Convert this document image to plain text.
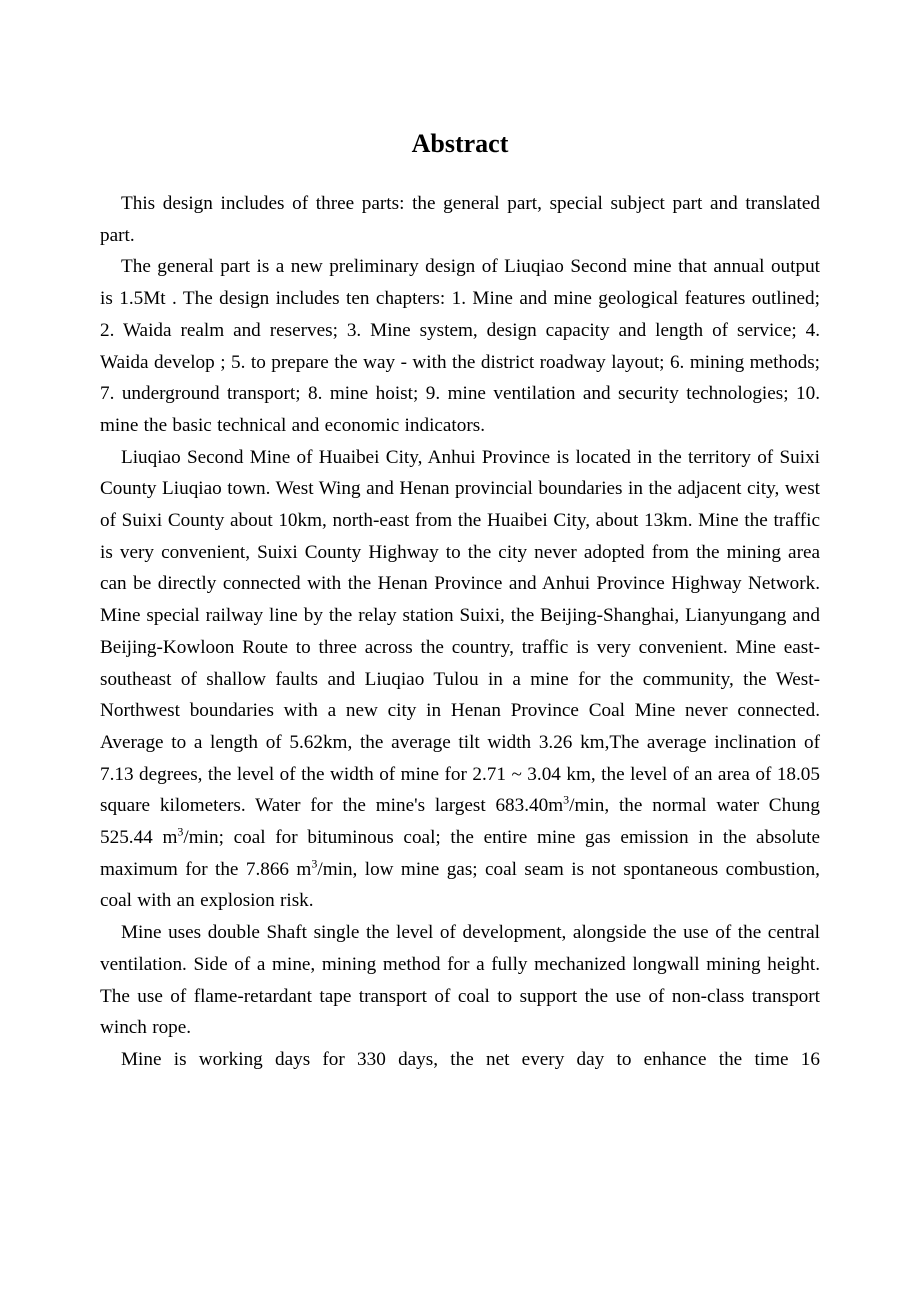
Abstract

This design includes of three parts: the general part, special subject part and translated part.

The general part is a new preliminary design of Liuqiao Second mine that annual output is 1.5Mt . The design includes ten chapters: 1. Mine and mine geological features outlined; 2. Waida realm and reserves; 3. Mine system, design capacity and length of service; 4. Waida develop ; 5. to prepare the way - with the district roadway layout; 6. mining methods; 7. underground transport; 8. mine hoist; 9. mine ventilation and security technologies; 10. mine the basic technical and economic indicators.

Liuqiao Second Mine of Huaibei City, Anhui Province is located in the territory of Suixi County Liuqiao town. West Wing and Henan provincial boundaries in the adjacent city, west of Suixi County about 10km, north-east from the Huaibei City, about 13km. Mine the traffic is very convenient, Suixi County Highway to the city never adopted from the mining area can be directly connected with the Henan Province and Anhui Province Highway Network. Mine special railway line by the relay station Suixi, the Beijing-Shanghai, Lianyungang and Beijing-Kowloon Route to three across the country, traffic is very convenient. Mine east-southeast of shallow faults and Liuqiao Tulou in a mine for the community, the West-Northwest boundaries with a new city in Henan Province Coal Mine never connected. Average to a length of 5.62km, the average tilt width 3.26 km,The average inclination of 7.13 degrees, the level of the width of mine for 2.71 ~ 3.04 km, the level of an area of 18.05 square kilometers. Water for the mine's largest $683.40m^3/\min$, the normal water Chung 525.44 $m^3/\min$; coal for bituminous coal; the entire mine gas emission in the absolute maximum for the 7.866 $m^3/\min$, low mine gas; coal seam is not spontaneous combustion, coal with an explosion risk.

Mine uses double Shaft single the level of development, alongside the use of the central ventilation. Side of a mine, mining method for a fully mechanized longwall mining height. The use of flame-retardant tape transport of coal to support the use of non-class transport winch rope.

Mine is working days for 330 days, the net every day to enhance the time 16
